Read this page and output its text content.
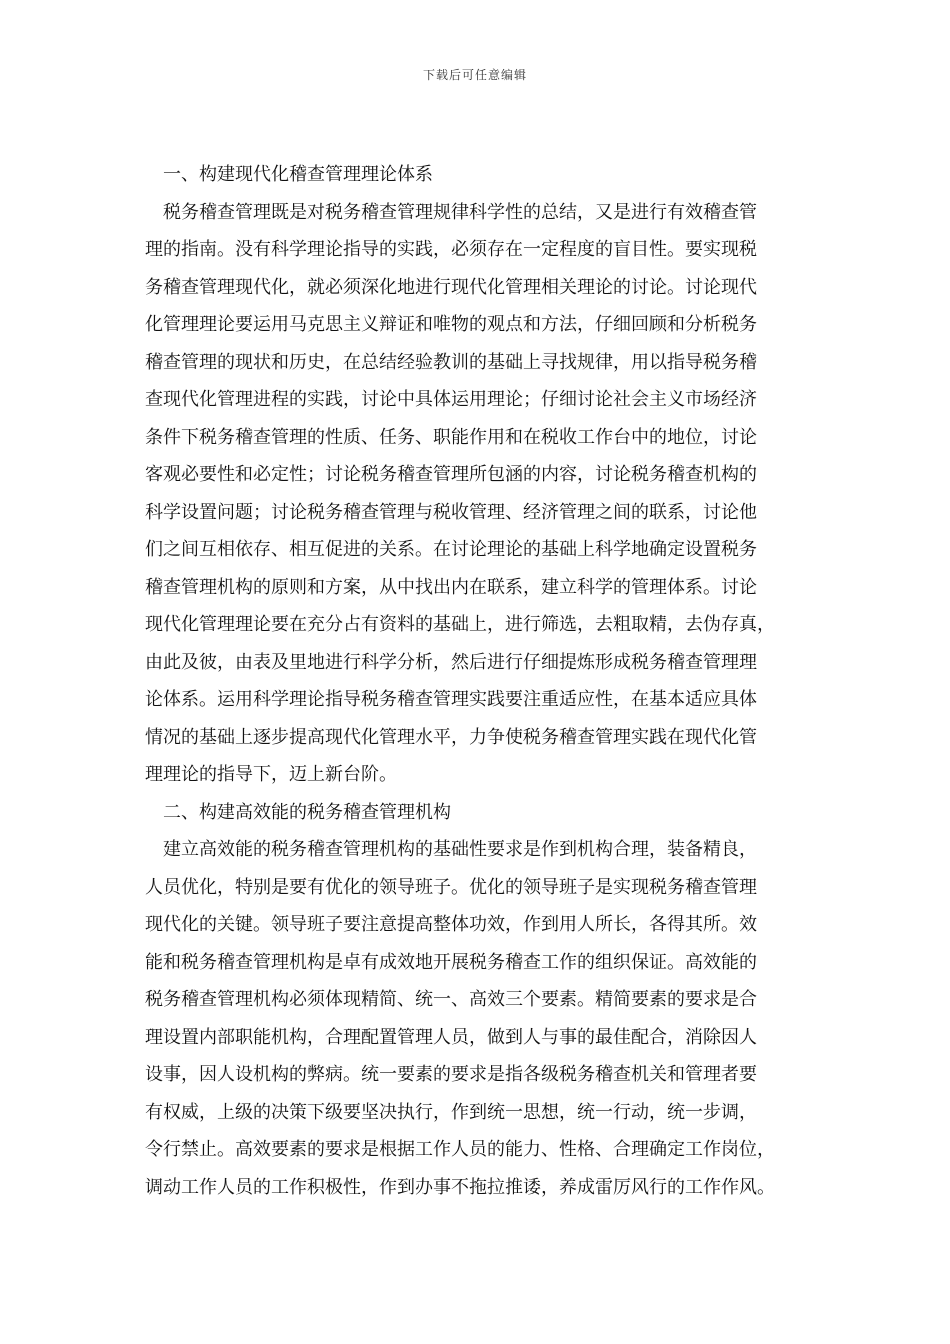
下载后可任意编辑
一、构建现代化稽查管理理论体系
税务稽查管理既是对税务稽查管理规律科学性的总结，又是进行有效稽查管
理的指南。没有科学理论指导的实践，必须存在一定程度的盲目性。要实现税
务稽查管理现代化，就必须深化地进行现代化管理相关理论的讨论。讨论现代
化管理理论要运用马克思主义辩证和唯物的观点和方法，仔细回顾和分析税务
稽查管理的现状和历史，在总结经验教训的基础上寻找规律，用以指导税务稽
查现代化管理进程的实践，讨论中具体运用理论；仔细讨论社会主义市场经济
条件下税务稽查管理的性质、任务、职能作用和在税收工作台中的地位，讨论
客观必要性和必定性；讨论税务稽查管理所包涵的内容，讨论税务稽查机构的
科学设置问题；讨论税务稽查管理与税收管理、经济管理之间的联系，讨论他
们之间互相依存、相互促进的关系。在讨论理论的基础上科学地确定设置税务
稽查管理机构的原则和方案，从中找出内在联系，建立科学的管理体系。讨论
现代化管理理论要在充分占有资料的基础上，进行筛选，去粗取精，去伪存真，
由此及彼，由表及里地进行科学分析，然后进行仔细提炼形成税务稽查管理理
论体系。运用科学理论指导税务稽查管理实践要注重适应性，在基本适应具体
情况的基础上逐步提高现代化管理水平，力争使税务稽查管理实践在现代化管
理理论的指导下，迈上新台阶。
二、构建高效能的税务稽查管理机构
建立高效能的税务稽查管理机构的基础性要求是作到机构合理，装备精良，
人员优化，特别是要有优化的领导班子。优化的领导班子是实现税务稽查管理
现代化的关键。领导班子要注意提高整体功效，作到用人所长，各得其所。效
能和税务稽查管理机构是卓有成效地开展税务稽查工作的组织保证。高效能的
税务稽查管理机构必须体现精简、统一、高效三个要素。精简要素的要求是合
理设置内部职能机构，合理配置管理人员，做到人与事的最佳配合，消除因人
设事，因人设机构的弊病。统一要素的要求是指各级税务稽查机关和管理者要
有权威，上级的决策下级要坚决执行，作到统一思想，统一行动，统一步调，
令行禁止。高效要素的要求是根据工作人员的能力、性格、合理确定工作岗位，
调动工作人员的工作积极性，作到办事不拖拉推诿，养成雷厉风行的工作作风。
